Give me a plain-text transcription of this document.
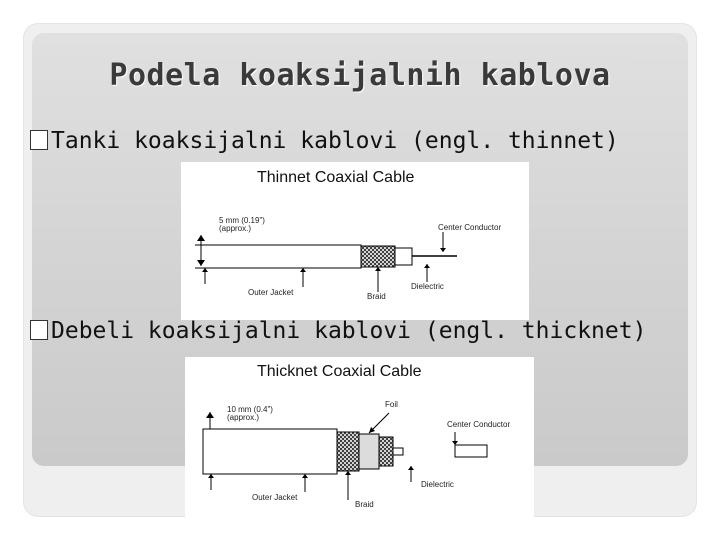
Podela koaksijalnih kablova
Tanki koaksijalni kablovi (engl. thinnet)
Thinnet Coaxial Cable
5 mm (0.19")
(approx.)	Center Conductor
Outer Jacket	Braid
Dielectric
Debeli koaksijalni kablovi (engl. thicknet)
Thicknet Coaxial Cable
10 mm (0.4")
(approx.)
Foil
Center Conductor
Outer Jacket
Braid
Dielectric
